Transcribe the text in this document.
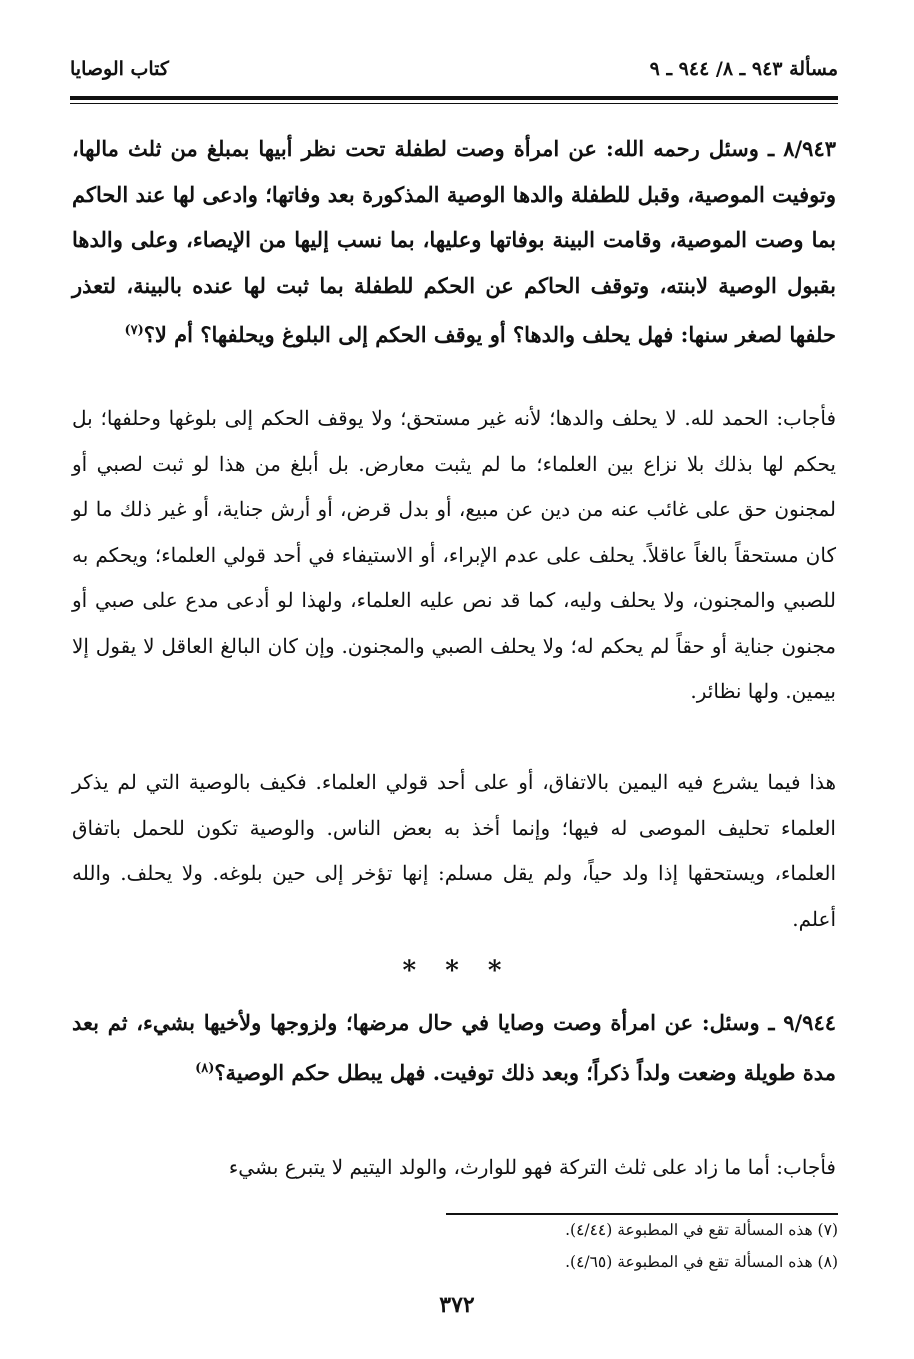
مسألة ٩٤٣ ـ ٨/ ٩٤٤ ـ ٩
كتاب الوصايا
٨/٩٤٣ ـ وسئل رحمه الله: عن امرأة وصت لطفلة تحت نظر أبيها بمبلغ من ثلث مالها، وتوفيت الموصية، وقبل للطفلة والدها الوصية المذكورة بعد وفاتها؛ وادعى لها عند الحاكم بما وصت الموصية، وقامت البينة بوفاتها وعليها، بما نسب إليها من الإيصاء، وعلى والدها بقبول الوصية لابنته، وتوقف الحاكم عن الحكم للطفلة بما ثبت لها عنده بالبينة، لتعذر حلفها لصغر سنها: فهل يحلف والدها؟ أو يوقف الحكم إلى البلوغ ويحلفها؟ أم لا؟$^{(٧)}$
فأجاب: الحمد لله. لا يحلف والدها؛ لأنه غير مستحق؛ ولا يوقف الحكم إلى بلوغها وحلفها؛ بل يحكم لها بذلك بلا نزاع بين العلماء؛ ما لم يثبت معارض. بل أبلغ من هذا لو ثبت لصبي أو لمجنون حق على غائب عنه من دين عن مبيع، أو بدل قرض، أو أرش جناية، أو غير ذلك ما لو كان مستحقاً بالغاً عاقلاً. يحلف على عدم الإبراء، أو الاستيفاء في أحد قولي العلماء؛ ويحكم به للصبي والمجنون، ولا يحلف وليه، كما قد نص عليه العلماء، ولهذا لو أدعى مدع على صبي أو مجنون جناية أو حقاً لم يحكم له؛ ولا يحلف الصبي والمجنون. وإن كان البالغ العاقل لا يقول إلا بيمين. ولها نظائر.
هذا فيما يشرع فيه اليمين بالاتفاق، أو على أحد قولي العلماء. فكيف بالوصية التي لم يذكر العلماء تحليف الموصى له فيها؛ وإنما أخذ به بعض الناس. والوصية تكون للحمل باتفاق العلماء، ويستحقها إذا ولد حياً، ولم يقل مسلم: إنها تؤخر إلى حين بلوغه. ولا يحلف. والله أعلم.
* * *
٩/٩٤٤ ـ وسئل: عن امرأة وصت وصايا في حال مرضها؛ ولزوجها ولأخيها بشيء، ثم بعد مدة طويلة وضعت ولداً ذكراً؛ وبعد ذلك توفيت. فهل يبطل حكم الوصية؟$^{(٨)}$
فأجاب: أما ما زاد على ثلث التركة فهو للوارث، والولد اليتيم لا يتبرع بشيء
(٧) هذه المسألة تقع في المطبوعة (٤/٤٤).
(٨) هذه المسألة تقع في المطبوعة (٤/٦٥).
٣٧٢
